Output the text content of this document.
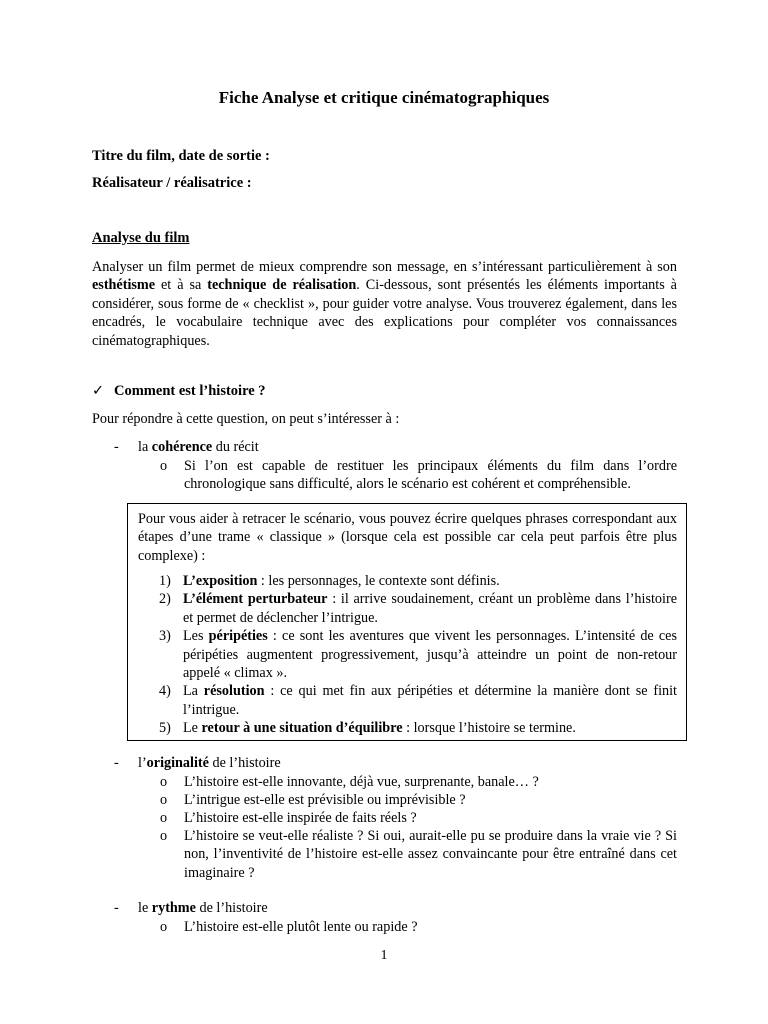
Fiche Analyse et critique cinématographiques
Titre du film, date de sortie :
Réalisateur / réalisatrice :
Analyse du film
Analyser un film permet de mieux comprendre son message, en s’intéressant particulièrement à son esthétisme et à sa technique de réalisation. Ci-dessous, sont présentés les éléments importants à considérer, sous forme de « checklist », pour guider votre analyse. Vous trouverez également, dans les encadrés, le vocabulaire technique avec des explications pour compléter vos connaissances cinématographiques.
✓ Comment est l’histoire ?
Pour répondre à cette question, on peut s’intéresser à :
- la cohérence du récit
o Si l’on est capable de restituer les principaux éléments du film dans l’ordre chronologique sans difficulté, alors le scénario est cohérent et compréhensible.
Pour vous aider à retracer le scénario, vous pouvez écrire quelques phrases correspondant aux étapes d’une trame « classique » (lorsque cela est possible car cela peut parfois être plus complexe) :
1) L’exposition : les personnages, le contexte sont définis.
2) L’élément perturbateur : il arrive soudainement, créant un problème dans l’histoire et permet de déclencher l’intrigue.
3) Les péripéties : ce sont les aventures que vivent les personnages. L’intensité de ces péripéties augmentent progressivement, jusqu’à atteindre un point de non-retour appelé « climax ».
4) La résolution : ce qui met fin aux péripéties et détermine la manière dont se finit l’intrigue.
5) Le retour à une situation d’équilibre : lorsque l’histoire se termine.
- l’originalité de l’histoire
o L’histoire est-elle innovante, déjà vue, surprenante, banale… ?
o L’intrigue est-elle est prévisible ou imprévisible ?
o L’histoire est-elle inspirée de faits réels ?
o L’histoire se veut-elle réaliste ? Si oui, aurait-elle pu se produire dans la vraie vie ? Si non, l’inventivité de l’histoire est-elle assez convaincante pour être entraîné dans cet imaginaire ?
- le rythme de l’histoire
o L’histoire est-elle plutôt lente ou rapide ?
1
